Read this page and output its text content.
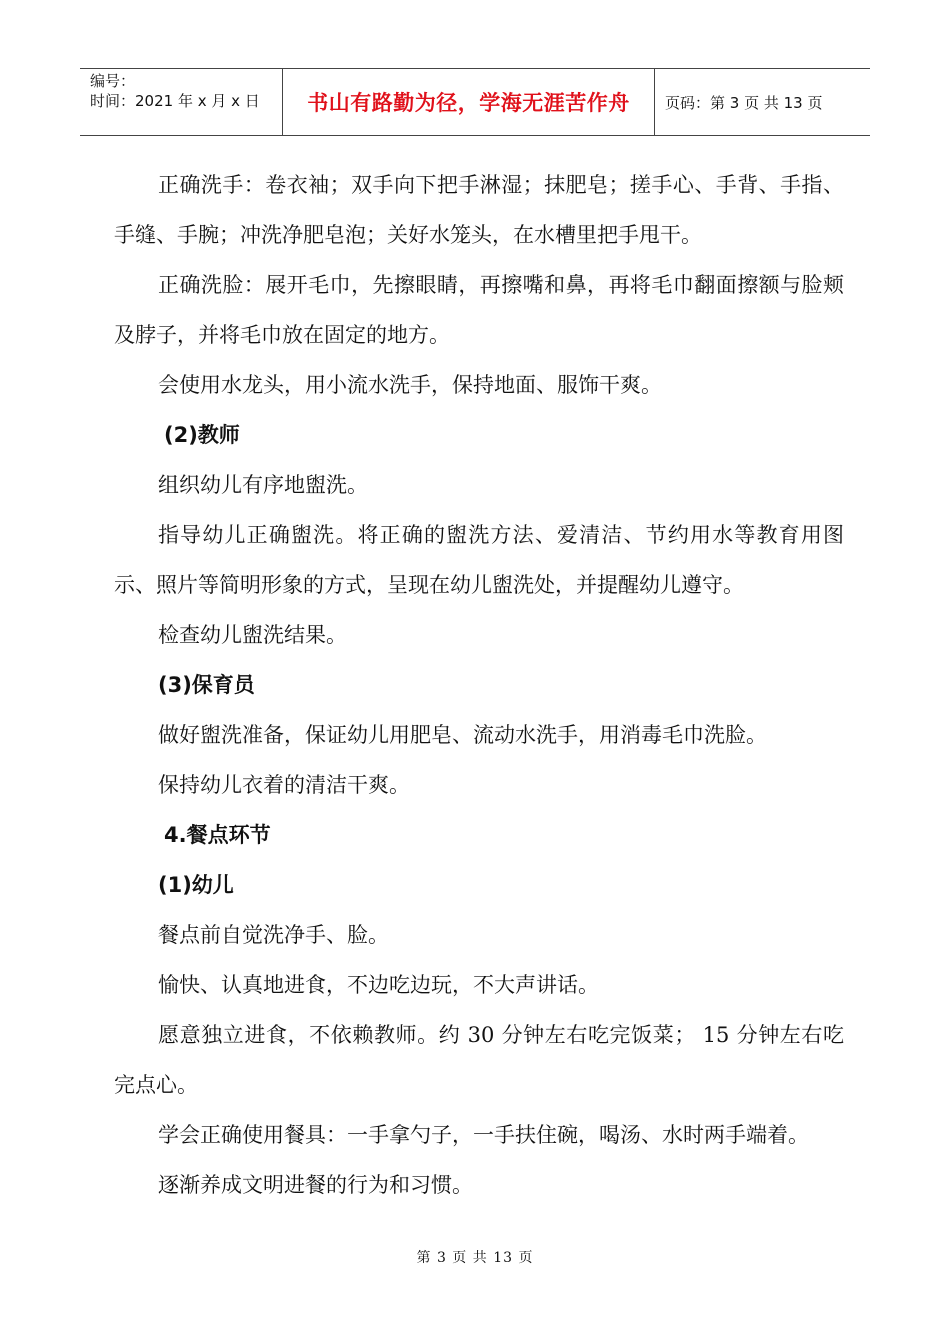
编号：
时间：2021 年 x 月 x 日	书山有路勤为径，学海无涯苦作舟	页码：第 3 页 共 13 页

正确洗手：卷衣袖；双手向下把手淋湿；抹肥皂；搓手心、手背、手指、手缝、手腕；冲洗净肥皂泡；关好水笼头，在水槽里把手甩干。

正确洗脸：展开毛巾，先擦眼睛，再擦嘴和鼻，再将毛巾翻面擦额与脸颊及脖子，并将毛巾放在固定的地方。

会使用水龙头，用小流水洗手，保持地面、服饰干爽。

(2)教师

组织幼儿有序地盥洗。

指导幼儿正确盥洗。将正确的盥洗方法、爱清洁、节约用水等教育用图示、照片等简明形象的方式，呈现在幼儿盥洗处，并提醒幼儿遵守。

检查幼儿盥洗结果。

(3)保育员

做好盥洗准备，保证幼儿用肥皂、流动水洗手，用消毒毛巾洗脸。

保持幼儿衣着的清洁干爽。

4.餐点环节

(1)幼儿

餐点前自觉洗净手、脸。

愉快、认真地进食，不边吃边玩，不大声讲话。

愿意独立进食，不依赖教师。约 30 分钟左右吃完饭菜； 15 分钟左右吃完点心。

学会正确使用餐具：一手拿勺子，一手扶住碗，喝汤、水时两手端着。

逐渐养成文明进餐的行为和习惯。

第 3 页 共 13 页
